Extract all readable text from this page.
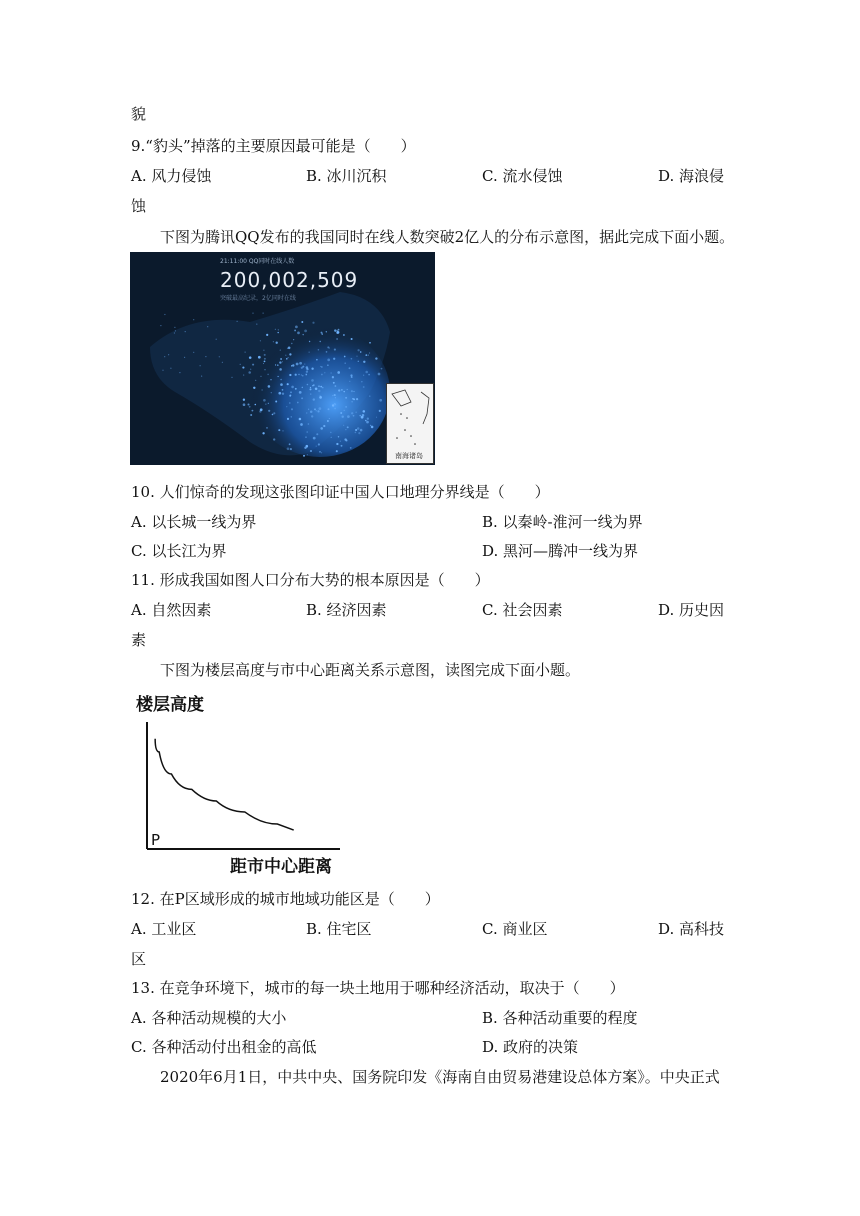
貌
9.“豹头”掉落的主要原因最可能是（　　）
A. 风力侵蚀	B. 冰川沉积	C. 流水侵蚀	D. 海浪侵
蚀
下图为腾讯QQ发布的我国同时在线人数突破2亿人的分布示意图，据此完成下面小题。
21:11:00 QQ同时在线人数
200,002,509
突破最高纪录，2亿同时在线
南海诸岛
10. 人们惊奇的发现这张图印证中国人口地理分界线是（　　）
A. 以长城一线为界	B. 以秦岭-淮河一线为界
C. 以长江为界	D. 黑河—腾冲一线为界
11. 形成我国如图人口分布大势的根本原因是（　　）
A. 自然因素	B. 经济因素	C. 社会因素	D. 历史因
素
下图为楼层高度与市中心距离关系示意图，读图完成下面小题。
楼层高度
P
距市中心距离
12. 在P区域形成的城市地域功能区是（　　）
A. 工业区	B. 住宅区	C. 商业区	D. 高科技
区
13. 在竞争环境下，城市的每一块土地用于哪种经济活动，取决于（　　）
A. 各种活动规模的大小	B. 各种活动重要的程度
C. 各种活动付出租金的高低	D. 政府的决策
2020年6月1日，中共中央、国务院印发《海南自由贸易港建设总体方案》。中央正式
